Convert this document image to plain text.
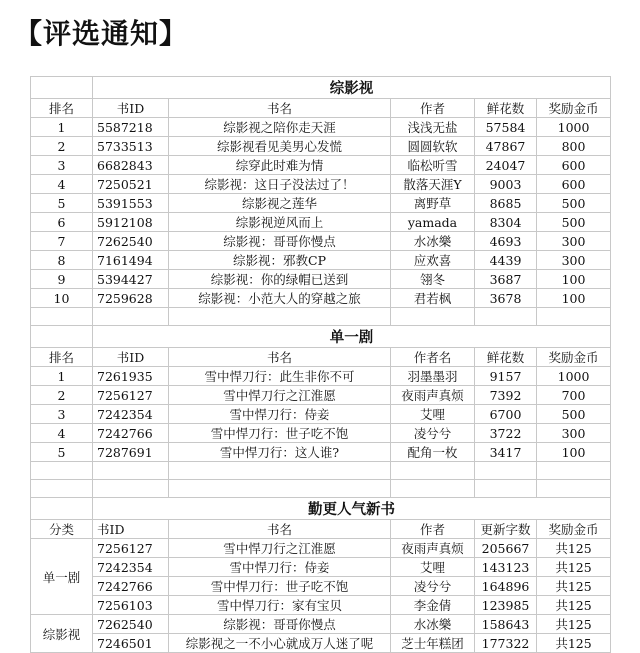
【评选通知】
	综影视				
排名	书ID	书名	作者	鲜花数	奖励金币
1	5587218	综影视之陪你走天涯	浅浅无盐	57584	1000
2	5733513	综影视看见美男心发慌	圆圆软软	47867	800
3	6682843	综穿此时难为情	临松听雪	24047	600
4	7250521	综影视：这日子没法过了！	散落天涯Y	9003	600
5	5391553	综影视之莲华	离野草	8685	500
6	5912108	综影视逆风而上	yamada	8304	500
7	7262540	综影视：哥哥你慢点	水冰樂	4693	300
8	7161494	综影视：邪教CP	应欢喜	4439	300
9	5394427	综影视：你的绿帽已送到	翎冬	3687	100
10	7259628	综影视：小范大人的穿越之旅	君若枫	3678	100

	单一剧				
排名	书ID	书名	作者名	鲜花数	奖励金币
1	7261935	雪中悍刀行：此生非你不可	羽墨墨羽	9157	1000
2	7256127	雪中悍刀行之江淮愿	夜雨声真烦	7392	700
3	7242354	雪中悍刀行：侍妾	艾哩	6700	500
4	7242766	雪中悍刀行：世子吃不饱	凌兮兮	3722	300
5	7287691	雪中悍刀行：这人谁?	配角一枚	3417	100

	勤更人气新书				
分类	书ID	书名	作者	更新字数	奖励金币
单一剧	7256127	雪中悍刀行之江淮愿	夜雨声真烦	205667	共125
	7242354	雪中悍刀行：侍妾	艾哩	143123	共125
	7242766	雪中悍刀行：世子吃不饱	凌兮兮	164896	共125
	7256103	雪中悍刀行：家有宝贝	李金倩	123985	共125
综影视	7262540	综影视：哥哥你慢点	水冰樂	158643	共125
	7246501	综影视之一不小心就成万人迷了呢	芝士年糕团	177322	共125
